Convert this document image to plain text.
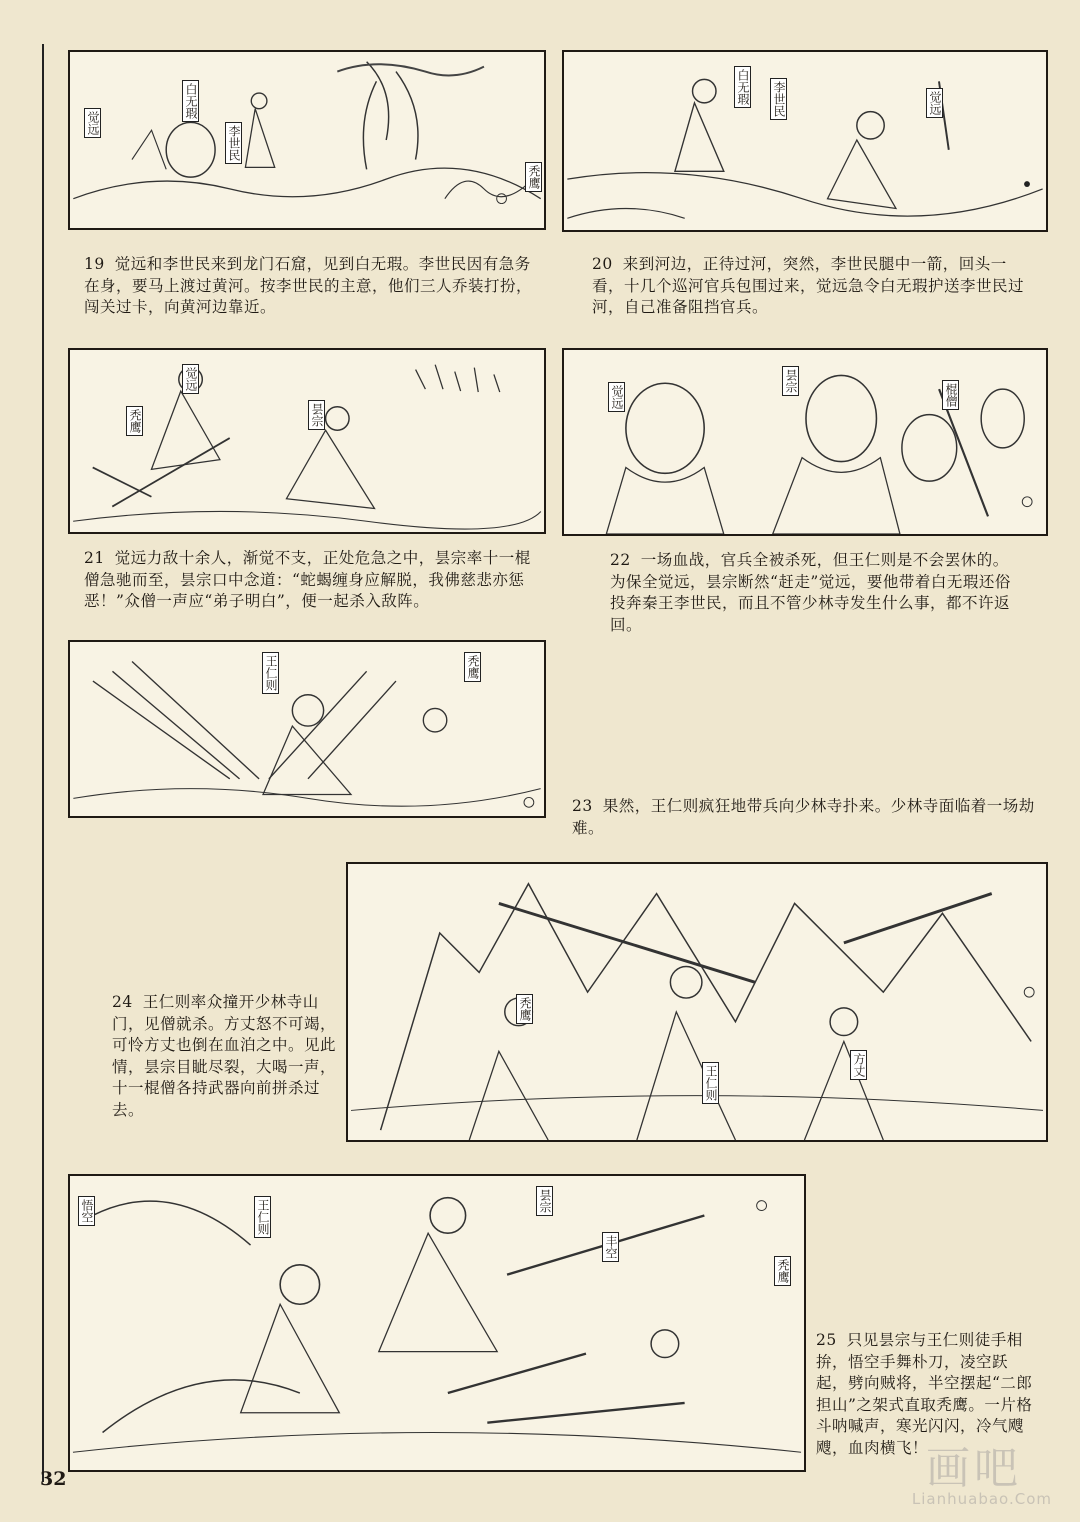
觉远
白无瑕
李世民
秃鹰
19 觉远和李世民来到龙门石窟，见到白无瑕。李世民因有急务在身，要马上渡过黄河。按李世民的主意，他们三人乔装打扮，闯关过卡，向黄河边靠近。
白无瑕 李世民	觉远
20 来到河边，正待过河，突然，李世民腿中一箭，回头一看，十几个巡河官兵包围过来，觉远急令白无瑕护送李世民过河，自己准备阻挡官兵。
觉远
秃鹰	昙宗
21 觉远力敌十余人，渐觉不支，正处危急之中，昙宗率十一棍僧急驰而至，昙宗口中念道：“蛇蝎缠身应解脱，我佛慈悲亦惩恶！”众僧一声应“弟子明白”，便一起杀入敌阵。
觉远
昙宗
棍僧
22 一场血战，官兵全被杀死，但王仁则是不会罢休的。为保全觉远，昙宗断然“赶走”觉远，要他带着白无瑕还俗投奔秦王李世民，而且不管少林寺发生什么事，都不许返回。
王仁则	秃鹰
23 果然，王仁则疯狂地带兵向少林寺扑来。少林寺面临着一场劫难。
秃鹰
王仁则	方丈
24 王仁则率众撞开少林寺山门，见僧就杀。方丈怒不可竭，可怜方丈也倒在血泊之中。见此情，昙宗目眦尽裂，大喝一声，十一棍僧各持武器向前拼杀过去。
悟空	王仁则	昙宗
丰空
秃鹰
25 只见昙宗与王仁则徒手相拚，悟空手舞朴刀，凌空跃起，劈向贼将，半空摆起“二郎担山”之架式直取秃鹰。一片格斗呐喊声，寒光闪闪，冷气飕飕，血肉横飞！
32	画吧
Lianhuabao.Com
